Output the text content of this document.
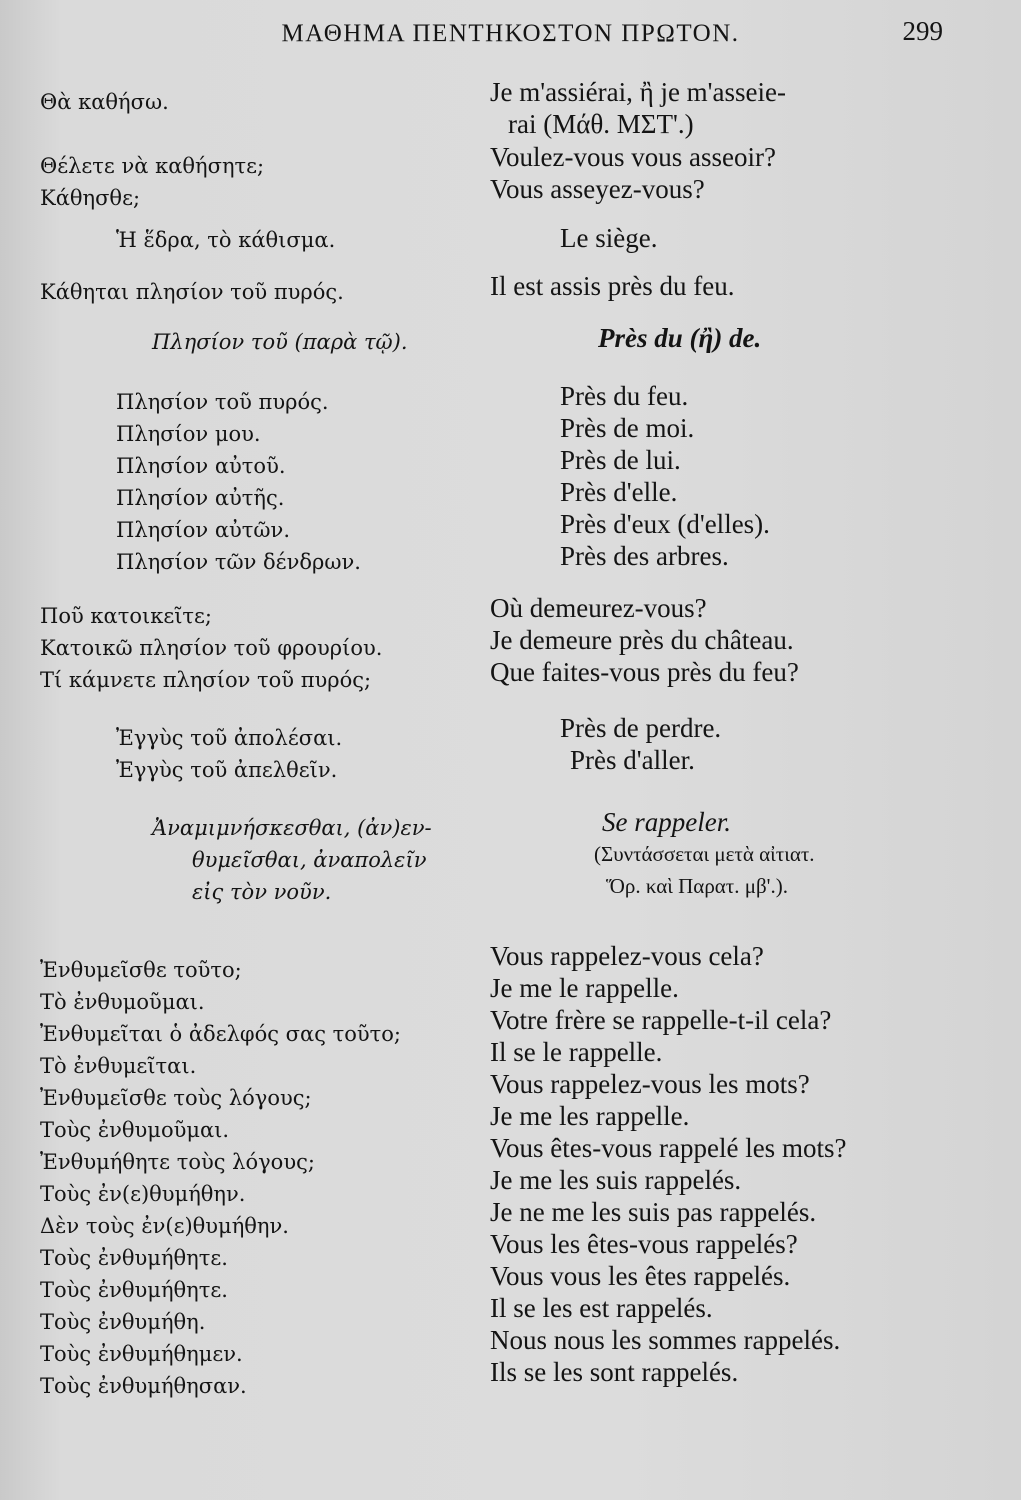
ΜΑΘΗΜΑ ΠΕΝΤΗΚΟΣΤΟΝ ΠΡΩΤΟΝ.	299
Θὰ καθήσω.	Je m'assiérai, ἢ je m'asseie-
rai (Μάθ. ΜΣΤ'.)
Θέλετε νὰ καθήσητε;
Κάθησθε;
Voulez-vous vous asseoir?
Vous asseyez-vous?
Ἡ ἕδρα, τὸ κάθισμα.	Le siège.
Κάθηται πλησίον τοῦ πυρός.	Il est assis près du feu.
Πλησίον τοῦ (παρὰ τῷ).	Près du (ἢ) de.
Πλησίον τοῦ πυρός.
Πλησίον μου.
Πλησίον αὐτοῦ.
Πλησίον αὐτῆς.
Πλησίον αὐτῶν.
Πλησίον τῶν δένδρων.
Près du feu.
Près de moi.
Près de lui.
Près d'elle.
Près d'eux (d'elles).
Près des arbres.
Ποῦ κατοικεῖτε;
Κατοικῶ πλησίον τοῦ φρουρίου.
Τί κάμνετε πλησίον τοῦ πυρός;
Où demeurez-vous?
Je demeure près du château.
Que faites-vous près du feu?
Ἐγγὺς τοῦ ἀπολέσαι.
Ἐγγὺς τοῦ ἀπελθεῖν.
Près de perdre.
Près d'aller.
Ἀναμιμνήσκεσθαι, (ἀν)εν-
θυμεῖσθαι, ἀναπολεῖν
εἰς τὸν νοῦν.
Se rappeler.
(Συντάσσεται μετὰ αἰτιατ.
Ὅρ. καὶ Παρατ. μβ'.).
Ἐνθυμεῖσθε τοῦτο;
Τὸ ἐνθυμοῦμαι.
Ἐνθυμεῖται ὁ ἀδελφός σας τοῦτο;
Τὸ ἐνθυμεῖται.
Ἐνθυμεῖσθε τοὺς λόγους;
Τοὺς ἐνθυμοῦμαι.
Ἐνθυμήθητε τοὺς λόγους;
Τοὺς ἐν(ε)θυμήθην.
Δὲν τοὺς ἐν(ε)θυμήθην.
Τοὺς ἐνθυμήθητε.
Τοὺς ἐνθυμήθητε.
Τοὺς ἐνθυμήθη.
Τοὺς ἐνθυμήθημεν.
Τοὺς ἐνθυμήθησαν.
Vous rappelez-vous cela?
Je me le rappelle.
Votre frère se rappelle-t-il cela?
Il se le rappelle.
Vous rappelez-vous les mots?
Je me les rappelle.
Vous êtes-vous rappelé les mots?
Je me les suis rappelés.
Je ne me les suis pas rappelés.
Vous les êtes-vous rappelés?
Vous vous les êtes rappelés.
Il se les est rappelés.
Nous nous les sommes rappelés.
Ils se les sont rappelés.
